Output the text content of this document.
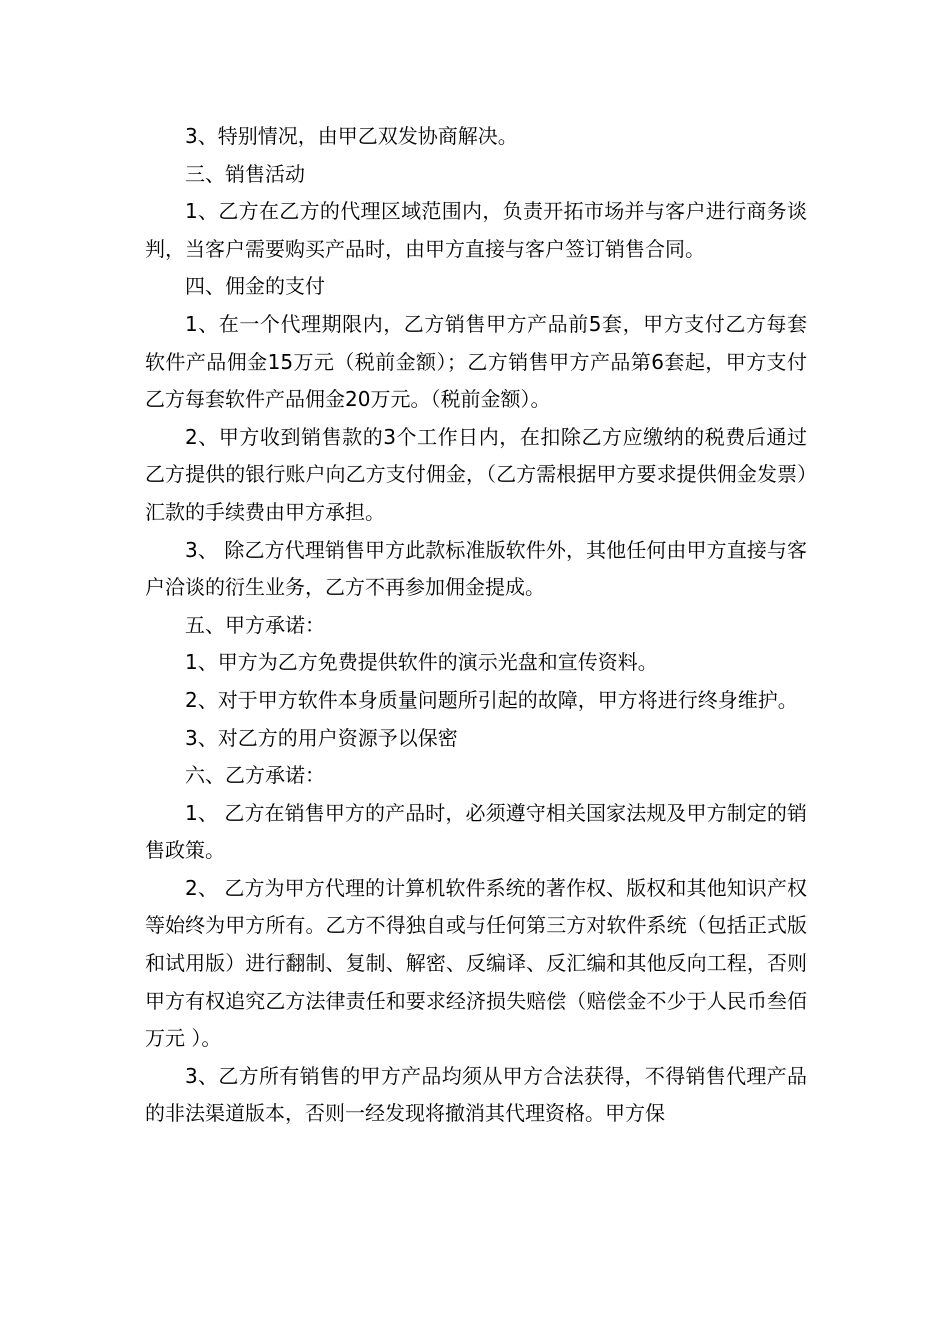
3、特别情况，由甲乙双发协商解决。

三、销售活动

1、乙方在乙方的代理区域范围内，负责开拓市场并与客户进行商务谈判，当客户需要购买产品时，由甲方直接与客户签订销售合同。

四、佣金的支付

1、在一个代理期限内，乙方销售甲方产品前5套，甲方支付乙方每套软件产品佣金15万元（税前金额）；乙方销售甲方产品第6套起，甲方支付乙方每套软件产品佣金20万元。（税前金额）。

2、甲方收到销售款的3个工作日内，在扣除乙方应缴纳的税费后通过乙方提供的银行账户向乙方支付佣金，（乙方需根据甲方要求提供佣金发票）汇款的手续费由甲方承担。

3、 除乙方代理销售甲方此款标准版软件外，其他任何由甲方直接与客户洽谈的衍生业务，乙方不再参加佣金提成。

五、甲方承诺：

1、甲方为乙方免费提供软件的演示光盘和宣传资料。

2、对于甲方软件本身质量问题所引起的故障，甲方将进行终身维护。

3、对乙方的用户资源予以保密

六、乙方承诺：

1、 乙方在销售甲方的产品时，必须遵守相关国家法规及甲方制定的销售政策。

2、 乙方为甲方代理的计算机软件系统的著作权、版权和其他知识产权等始终为甲方所有。乙方不得独自或与任何第三方对软件系统（包括正式版和试用版）进行翻制、复制、解密、反编译、反汇编和其他反向工程，否则甲方有权追究乙方法律责任和要求经济损失赔偿（赔偿金不少于人民币叁佰万元 ）。

3、乙方所有销售的甲方产品均须从甲方合法获得，不得销售代理产品的非法渠道版本，否则一经发现将撤消其代理资格。甲方保
